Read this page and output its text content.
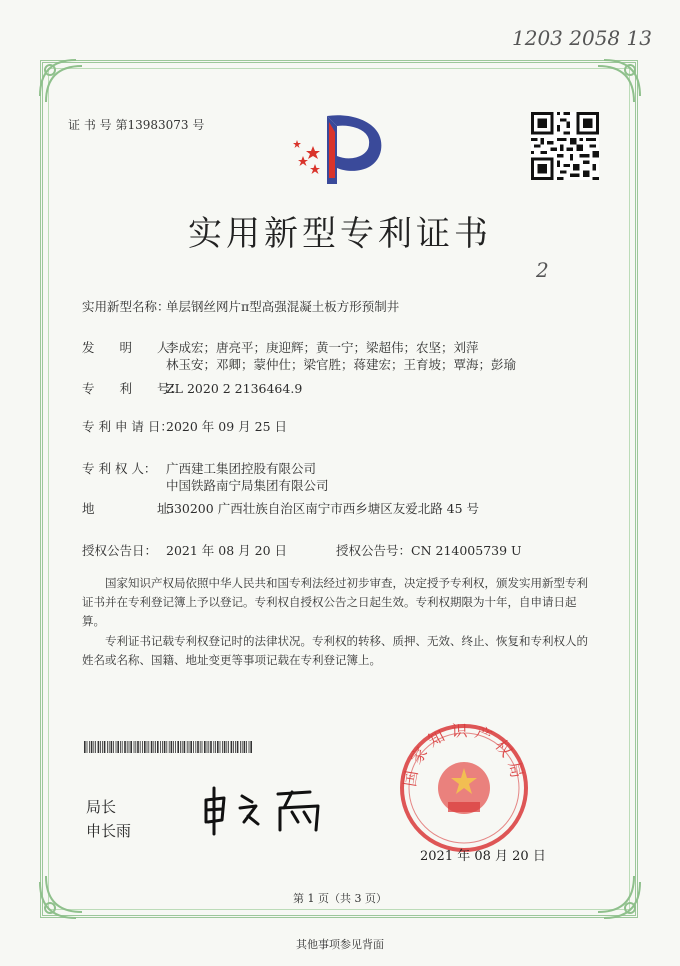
1203 2058 13
2
证 书 号 第13983073 号
实用新型专利证书
实用新型名称：单层钢丝网片π型高强混凝土板方形预制井
发　　明　　人：李成宏；唐亮平；庚迎辉；黄一宁；梁超伟；农坚；刘萍
林玉安；邓卿；蒙仲仕；梁官胜；蒋建宏；王育坡；覃海；彭瑜
专　　利　　号：ZL 2020 2 2136464.9
专 利 申 请 日：2020 年 09 月 25 日
专 利 权 人： 广西建工集团控股有限公司
中国铁路南宁局集团有限公司
地　　　　　址：530200 广西壮族自治区南宁市西乡塘区友爱北路 45 号
授权公告日： 2021 年 08 月 20 日	授权公告号：CN 214005739 U
国家知识产权局依照中华人民共和国专利法经过初步审查，决定授予专利权，颁发实用新型专利证书并在专利登记簿上予以登记。专利权自授权公告之日起生效。专利权期限为十年，自申请日起算。
专利证书记载专利权登记时的法律状况。专利权的转移、质押、无效、终止、恢复和专利权人的姓名或名称、国籍、地址变更等事项记载在专利登记簿上。
局长
申长雨
国家知识产权局
2021 年 08 月 20 日
第 1 页（共 3 页）
其他事项参见背面
